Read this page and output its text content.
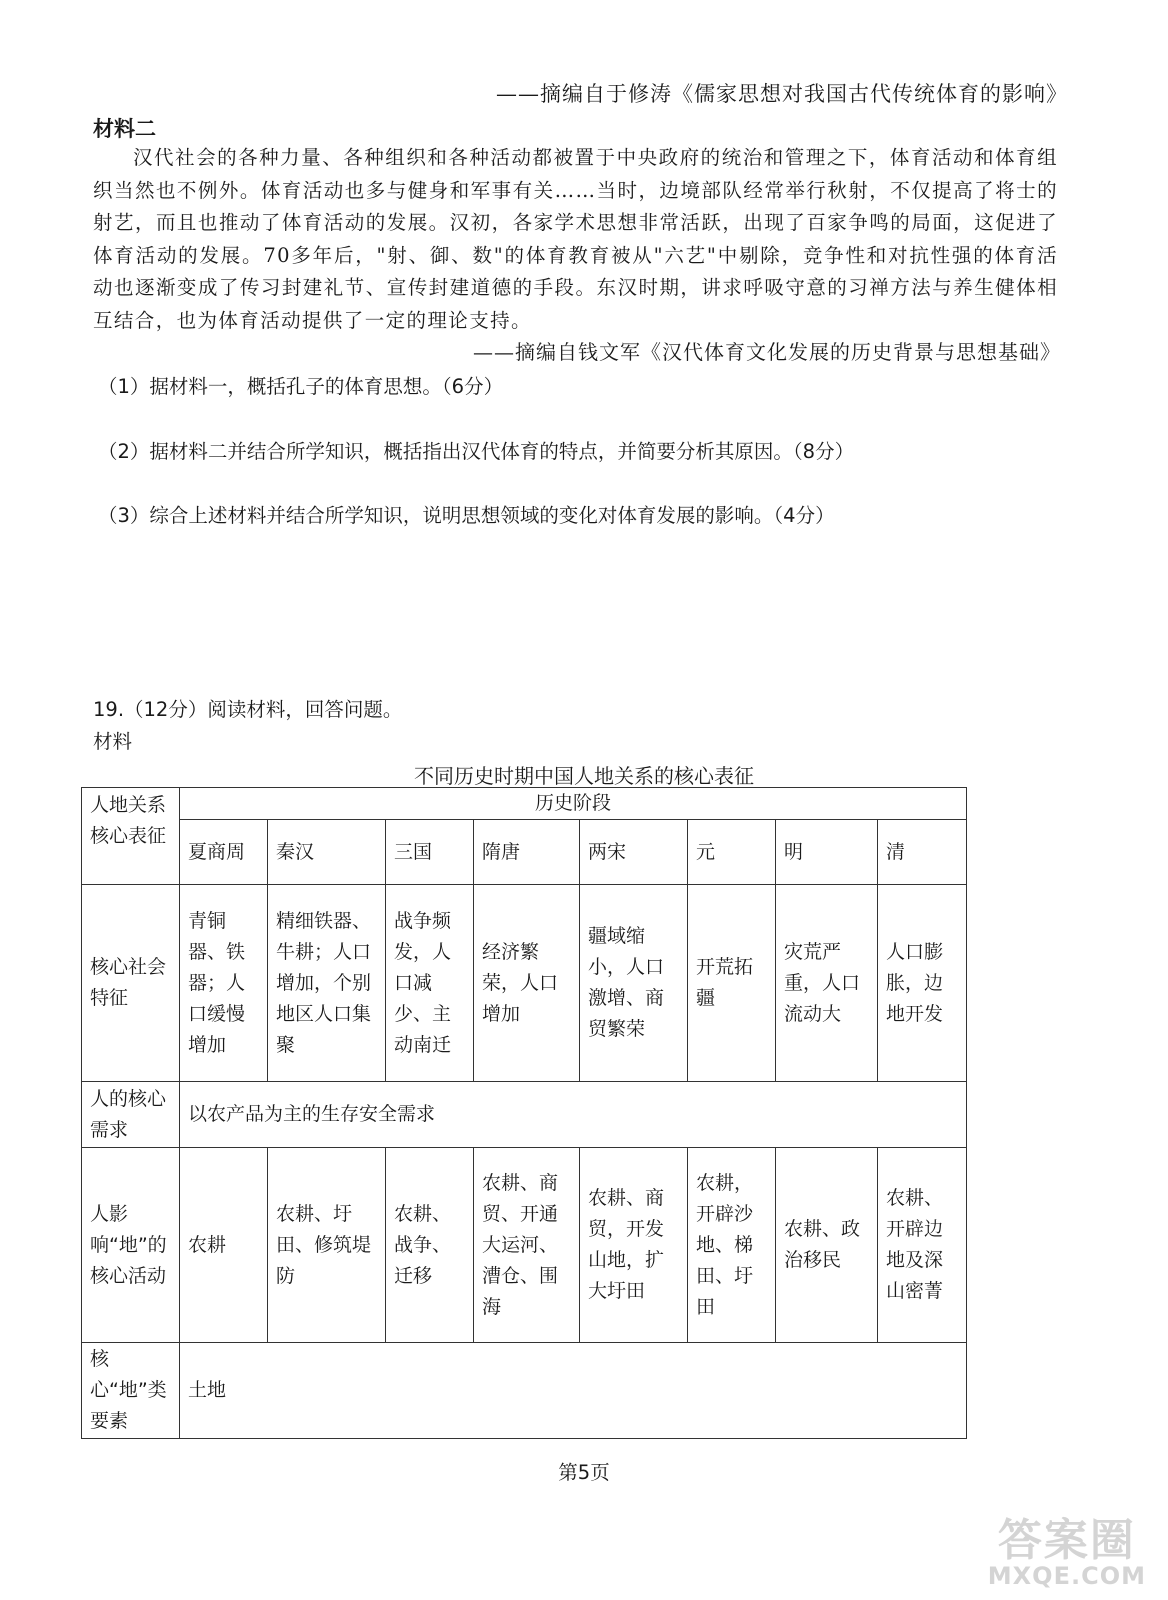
——摘编自于修涛《儒家思想对我国古代传统体育的影响》
材料二
汉代社会的各种力量、各种组织和各种活动都被置于中央政府的统治和管理之下，体育活动和体育组织当然也不例外。体育活动也多与健身和军事有关……当时，边境部队经常举行秋射，不仅提高了将士的射艺，而且也推动了体育活动的发展。汉初，各家学术思想非常活跃，出现了百家争鸣的局面，这促进了体育活动的发展。70多年后，"射、御、数"的体育教育被从"六艺"中剔除，竞争性和对抗性强的体育活动也逐渐变成了传习封建礼节、宣传封建道德的手段。东汉时期，讲求呼吸守意的习禅方法与养生健体相互结合，也为体育活动提供了一定的理论支持。
——摘编自钱文军《汉代体育文化发展的历史背景与思想基础》
（1）据材料一，概括孔子的体育思想。（6分）
（2）据材料二并结合所学知识，概括指出汉代体育的特点，并简要分析其原因。（8分）
（3）综合上述材料并结合所学知识，说明思想领域的变化对体育发展的影响。（4分）
19.（12分）阅读材料，回答问题。
材料
不同历史时期中国人地关系的核心表征
人地关系核心表征	历史阶段							
	夏商周	秦汉	三国	隋唐	两宋	元	明	清
核心社会特征	青铜器、铁器；人口缓慢增加	精细铁器、牛耕；人口增加，个别地区人口集聚	战争频发，人口减少、主动南迁	经济繁荣，人口增加	疆域缩小，人口激增、商贸繁荣	开荒拓疆	灾荒严重，人口流动大	人口膨胀，边地开发
人的核心需求	以农产品为主的生存安全需求							
人影响“地”的核心活动	农耕	农耕、圩田、修筑堤防	农耕、战争、迁移	农耕、商贸、开通大运河、漕仓、围海	农耕、商贸，开发山地，扩大圩田	农耕，开辟沙地、梯田、圩田	农耕、政治移民	农耕、开辟边地及深山密菁
核心“地”类要素	土地							
第5页
答案圈
MXQE.COM
